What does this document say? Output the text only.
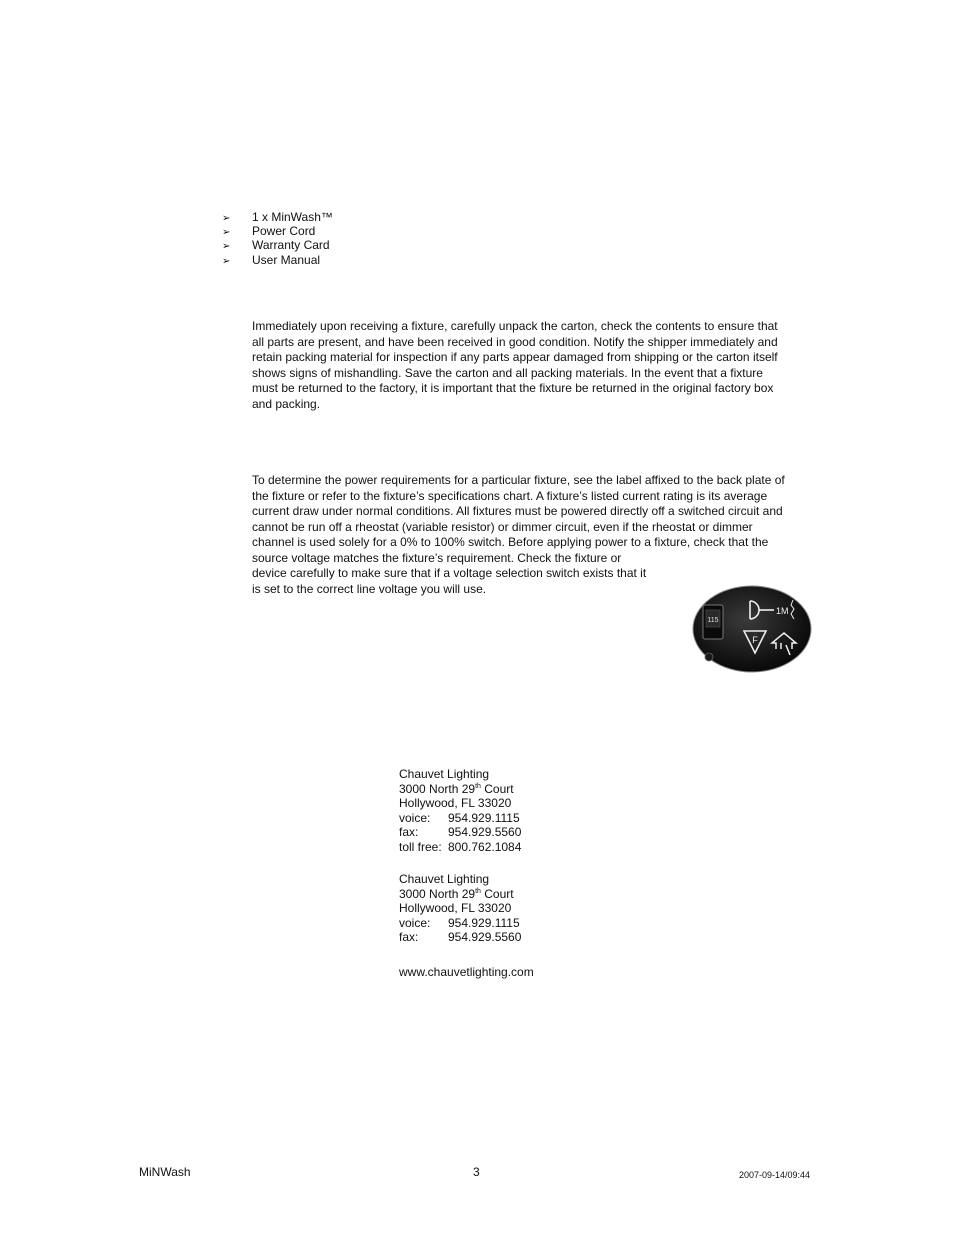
➢ 1 x MinWash™
➢ Power Cord
➢ Warranty Card
➢ User Manual
Immediately upon receiving a fixture, carefully unpack the carton, check the contents to ensure that
all parts are present, and have been received in good condition. Notify the shipper immediately and
retain packing material for inspection if any parts appear damaged from shipping or the carton itself
shows signs of mishandling. Save the carton and all packing materials. In the event that a fixture
must be returned to the factory, it is important that the fixture be returned in the original factory box
and packing.
To determine the power requirements for a particular fixture, see the label affixed to the back plate of
the fixture or refer to the fixture’s specifications chart. A fixture’s listed current rating is its average
current draw under normal conditions. All fixtures must be powered directly off a switched circuit and
cannot be run off a rheostat (variable resistor) or dimmer circuit, even if the rheostat or dimmer
channel is used solely for a 0% to 100% switch. Before applying power to a fixture, check that the
source voltage matches the fixture’s requirement. Check the fixture or
device carefully to make sure that if a voltage selection switch exists that it
is set to the correct line voltage you will use.
115
1M
F
Chauvet Lighting
3000 North 29th Court
Hollywood, FL 33020
voice: 954.929.1115
fax: 954.929.5560
toll free: 800.762.1084
Chauvet Lighting
3000 North 29th Court
Hollywood, FL 33020
voice: 954.929.1115
fax: 954.929.5560
www.chauvetlighting.com
MiNWash	3	2007-09-14/09:44
